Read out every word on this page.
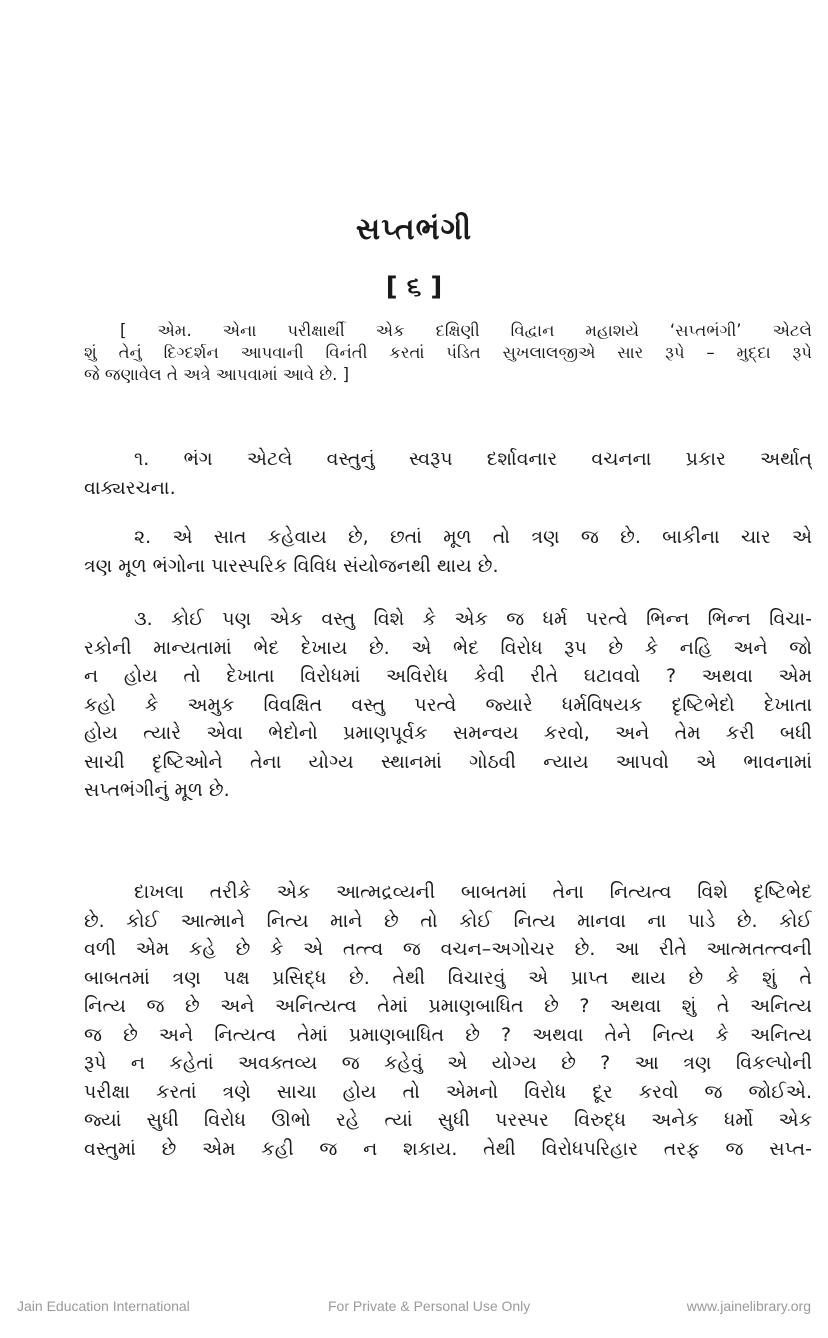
સપ્તભંગી
[ ૬ ]
[ એમ. એના પરીક્ષાર્થી એક દક્ષિણી વિદ્વાન મહાશયે ‘સપ્તભંગી’ એટલે
શું તેનું દિગ્દર્શન આપવાની વિનંતી કરતાં પંડિત સુખલાલજીએ સાર રૂપે – મુદ્દા રૂપે
જે જણાવેલ તે અત્રે આપવામાં આવે છે. ]
૧. ભંગ એટલે વસ્તુનું સ્વરૂપ દર્શાવનાર વચનના પ્રકાર અર્થાત્
વાક્યરચના.
૨. એ સાત કહેવાય છે, છતાં મૂળ તો ત્રણ જ છે. બાકીના ચાર એ
ત્રણ મૂળ ભંગોના પારસ્પરિક વિવિધ સંયોજનથી થાય છે.
૩. કોઈ પણ એક વસ્તુ વિશે કે એક જ ધર્મ પરત્વે ભિન્ન ભિન્ન વિચા-
રકોની માન્યતામાં ભેદ દેખાય છે. એ ભેદ વિરોધ રૂપ છે કે નહિ અને જો
ન હોય તો દેખાતા વિરોધમાં અવિરોધ કેવી રીતે ઘટાવવો ? અથવા એમ
કહો કે અમુક વિવક્ષિત વસ્તુ પરત્વે જ્યારે ધર્મવિષયક દૃષ્ટિભેદો દેખાતા
હોય ત્યારે એવા ભેદોનો પ્રમાણપૂર્વક સમન્વય કરવો, અને તેમ કરી બધી
સાચી દૃષ્ટિઓને તેના યોગ્ય સ્થાનમાં ગોઠવી ન્યાય આપવો એ ભાવનામાં
સપ્તભંગીનું મૂળ છે.
દાખલા તરીકે એક આત્મદ્રવ્યની બાબતમાં તેના નિત્યત્વ વિશે દૃષ્ટિભેદ
છે. કોઈ આત્માને નિત્ય માને છે તો કોઈ નિત્ય માનવા ના પાડે છે. કોઈ
વળી એમ કહે છે કે એ તત્ત્વ જ વચન–અગોચર છે. આ રીતે આત્મતત્ત્વની
બાબતમાં ત્રણ પક્ષ પ્રસિદ્ધ છે. તેથી વિચારવું એ પ્રાપ્ત થાય છે કે શું તે
નિત્ય જ છે અને અનિત્યત્વ તેમાં પ્રમાણબાધિત છે ? અથવા શું તે અનિત્ય
જ છે અને નિત્યત્વ તેમાં પ્રમાણબાધિત છે ? અથવા તેને નિત્ય કે અનિત્ય
રૂપે ન કહેતાં અવક્તવ્ય જ કહેવું એ યોગ્ય છે ? આ ત્રણ વિકલ્પોની
પરીક્ષા કરતાં ત્રણે સાચા હોય તો એમનો વિરોધ દૂર કરવો જ જોઈએ.
જ્યાં સુધી વિરોધ ઊભો રહે ત્યાં સુધી પરસ્પર વિરુદ્ધ અનેક ધર્મો એક
વસ્તુમાં છે એમ કહી જ ન શકાય. તેથી વિરોધપરિહાર તરફ જ સપ્ત-
Jain Education International	For Private & Personal Use Only	www.jainelibrary.org
